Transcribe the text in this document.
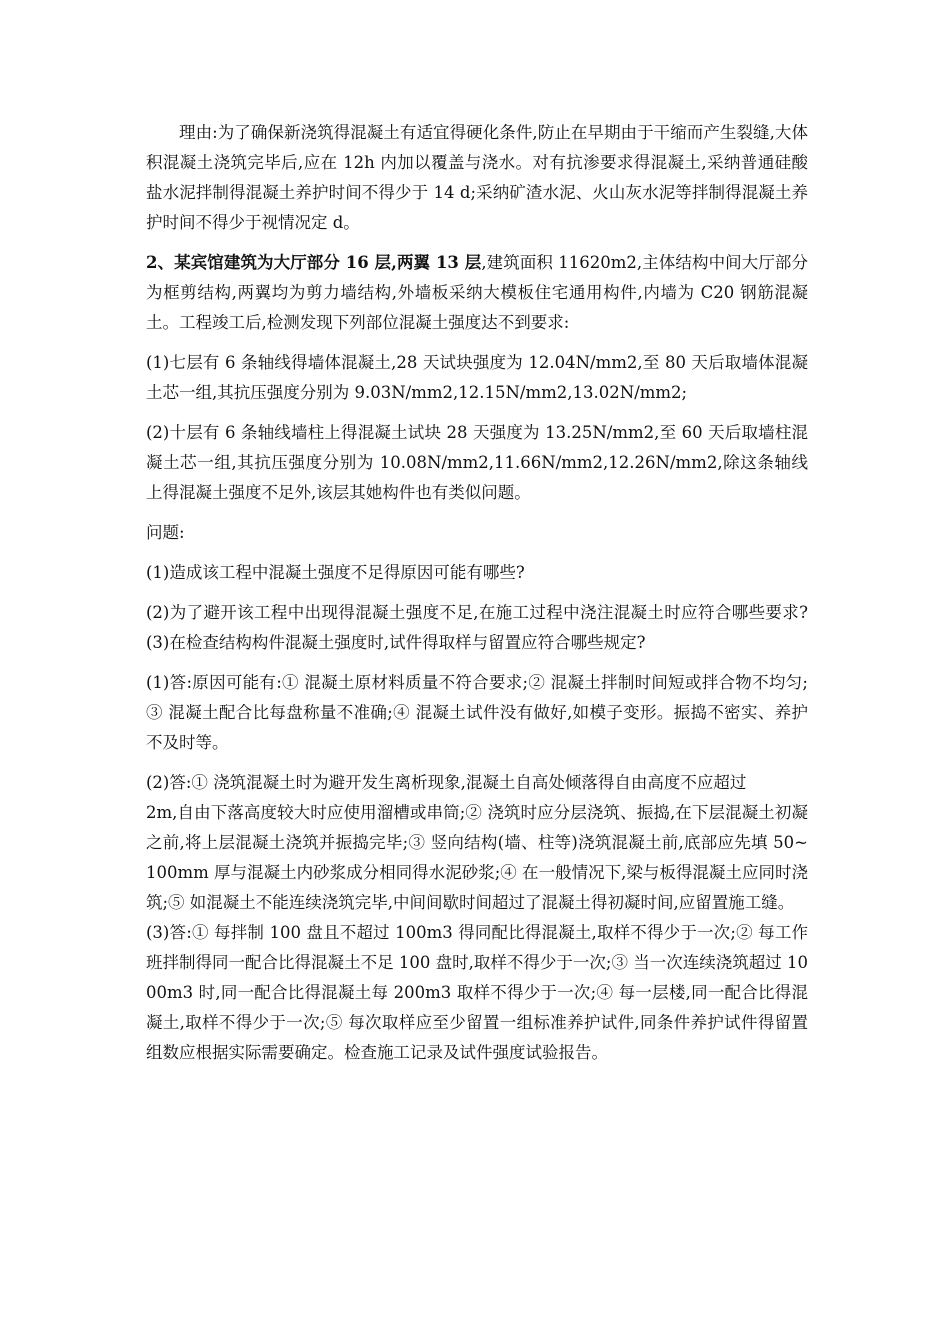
理由:为了确保新浇筑得混凝土有适宜得硬化条件,防止在早期由于干缩而产生裂缝,大体积混凝土浇筑完毕后,应在 12h 内加以覆盖与浇水。对有抗渗要求得混凝土,采纳普通硅酸盐水泥拌制得混凝土养护时间不得少于 14 d;采纳矿渣水泥、火山灰水泥等拌制得混凝土养护时间不得少于视情况定 d。

2、某宾馆建筑为大厅部分 16 层,两翼 13 层,建筑面积 11620m2,主体结构中间大厅部分为框剪结构,两翼均为剪力墙结构,外墙板采纳大模板住宅通用构件,内墙为 C20 钢筋混凝土。工程竣工后,检测发现下列部位混凝土强度达不到要求:

(1)七层有 6 条轴线得墙体混凝土,28 天试块强度为 12.04N/mm2,至 80 天后取墙体混凝土芯一组,其抗压强度分别为 9.03N/mm2,12.15N/mm2,13.02N/mm2;

(2)十层有 6 条轴线墙柱上得混凝土试块 28 天强度为 13.25N/mm2,至 60 天后取墙柱混凝土芯一组,其抗压强度分别为 10.08N/mm2,11.66N/mm2,12.26N/mm2,除这条轴线上得混凝土强度不足外,该层其她构件也有类似问题。

问题:

(1)造成该工程中混凝土强度不足得原因可能有哪些?

(2)为了避开该工程中出现得混凝土强度不足,在施工过程中浇注混凝土时应符合哪些要求? (3)在检查结构构件混凝土强度时,试件得取样与留置应符合哪些规定?

(1)答:原因可能有:① 混凝土原材料质量不符合要求;② 混凝土拌制时间短或拌合物不均匀;③ 混凝土配合比每盘称量不准确;④ 混凝土试件没有做好,如模子变形。振捣不密实、养护不及时等。

(2)答:① 浇筑混凝土时为避开发生离析现象,混凝土自高处倾落得自由高度不应超过

2m,自由下落高度较大时应使用溜槽或串筒;② 浇筑时应分层浇筑、振捣,在下层混凝土初凝之前,将上层混凝土浇筑并振捣完毕;③ 竖向结构(墙、柱等)浇筑混凝土前,底部应先填 50~100mm 厚与混凝土内砂浆成分相同得水泥砂浆;④ 在一般情况下,梁与板得混凝土应同时浇筑;⑤ 如混凝土不能连续浇筑完毕,中间间歇时间超过了混凝土得初凝时间,应留置施工缝。

(3)答:① 每拌制 100 盘且不超过 100m3 得同配比得混凝土,取样不得少于一次;② 每工作班拌制得同一配合比得混凝土不足 100 盘时,取样不得少于一次;③ 当一次连续浇筑超过 1000m3 时,同一配合比得混凝土每 200m3 取样不得少于一次;④ 每一层楼,同一配合比得混凝土,取样不得少于一次;⑤ 每次取样应至少留置一组标准养护试件,同条件养护试件得留置组数应根据实际需要确定。检查施工记录及试件强度试验报告。
